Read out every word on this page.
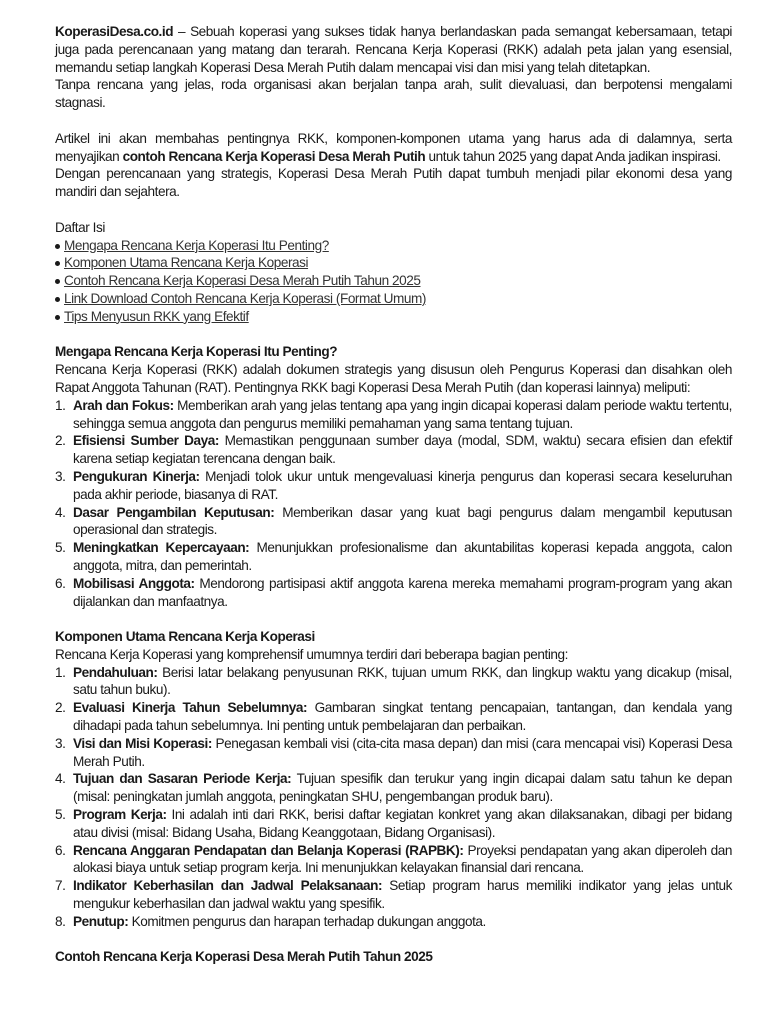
KoperasiDesa.co.id – Sebuah koperasi yang sukses tidak hanya berlandaskan pada semangat kebersamaan, tetapi juga pada perencanaan yang matang dan terarah. Rencana Kerja Koperasi (RKK) adalah peta jalan yang esensial, memandu setiap langkah Koperasi Desa Merah Putih dalam mencapai visi dan misi yang telah ditetapkan.

Tanpa rencana yang jelas, roda organisasi akan berjalan tanpa arah, sulit dievaluasi, dan berpotensi mengalami stagnasi.

Artikel ini akan membahas pentingnya RKK, komponen-komponen utama yang harus ada di dalamnya, serta menyajikan contoh Rencana Kerja Koperasi Desa Merah Putih untuk tahun 2025 yang dapat Anda jadikan inspirasi.

Dengan perencanaan yang strategis, Koperasi Desa Merah Putih dapat tumbuh menjadi pilar ekonomi desa yang mandiri dan sejahtera.

Daftar Isi

Mengapa Rencana Kerja Koperasi Itu Penting?
Komponen Utama Rencana Kerja Koperasi
Contoh Rencana Kerja Koperasi Desa Merah Putih Tahun 2025
Link Download Contoh Rencana Kerja Koperasi (Format Umum)
Tips Menyusun RKK yang Efektif
Mengapa Rencana Kerja Koperasi Itu Penting?

Rencana Kerja Koperasi (RKK) adalah dokumen strategis yang disusun oleh Pengurus Koperasi dan disahkan oleh Rapat Anggota Tahunan (RAT). Pentingnya RKK bagi Koperasi Desa Merah Putih (dan koperasi lainnya) meliputi:

1. Arah dan Fokus: Memberikan arah yang jelas tentang apa yang ingin dicapai koperasi dalam periode waktu tertentu, sehingga semua anggota dan pengurus memiliki pemahaman yang sama tentang tujuan.
2. Efisiensi Sumber Daya: Memastikan penggunaan sumber daya (modal, SDM, waktu) secara efisien dan efektif karena setiap kegiatan terencana dengan baik.
3. Pengukuran Kinerja: Menjadi tolok ukur untuk mengevaluasi kinerja pengurus dan koperasi secara keseluruhan pada akhir periode, biasanya di RAT.
4. Dasar Pengambilan Keputusan: Memberikan dasar yang kuat bagi pengurus dalam mengambil keputusan operasional dan strategis.
5. Meningkatkan Kepercayaan: Menunjukkan profesionalisme dan akuntabilitas koperasi kepada anggota, calon anggota, mitra, dan pemerintah.
6. Mobilisasi Anggota: Mendorong partisipasi aktif anggota karena mereka memahami program-program yang akan dijalankan dan manfaatnya.
Komponen Utama Rencana Kerja Koperasi

Rencana Kerja Koperasi yang komprehensif umumnya terdiri dari beberapa bagian penting:

1. Pendahuluan: Berisi latar belakang penyusunan RKK, tujuan umum RKK, dan lingkup waktu yang dicakup (misal, satu tahun buku).
2. Evaluasi Kinerja Tahun Sebelumnya: Gambaran singkat tentang pencapaian, tantangan, dan kendala yang dihadapi pada tahun sebelumnya. Ini penting untuk pembelajaran dan perbaikan.
3. Visi dan Misi Koperasi: Penegasan kembali visi (cita-cita masa depan) dan misi (cara mencapai visi) Koperasi Desa Merah Putih.
4. Tujuan dan Sasaran Periode Kerja: Tujuan spesifik dan terukur yang ingin dicapai dalam satu tahun ke depan (misal: peningkatan jumlah anggota, peningkatan SHU, pengembangan produk baru).
5. Program Kerja: Ini adalah inti dari RKK, berisi daftar kegiatan konkret yang akan dilaksanakan, dibagi per bidang atau divisi (misal: Bidang Usaha, Bidang Keanggotaan, Bidang Organisasi).
6. Rencana Anggaran Pendapatan dan Belanja Koperasi (RAPBK): Proyeksi pendapatan yang akan diperoleh dan alokasi biaya untuk setiap program kerja. Ini menunjukkan kelayakan finansial dari rencana.
7. Indikator Keberhasilan dan Jadwal Pelaksanaan: Setiap program harus memiliki indikator yang jelas untuk mengukur keberhasilan dan jadwal waktu yang spesifik.
8. Penutup: Komitmen pengurus dan harapan terhadap dukungan anggota.
Contoh Rencana Kerja Koperasi Desa Merah Putih Tahun 2025
